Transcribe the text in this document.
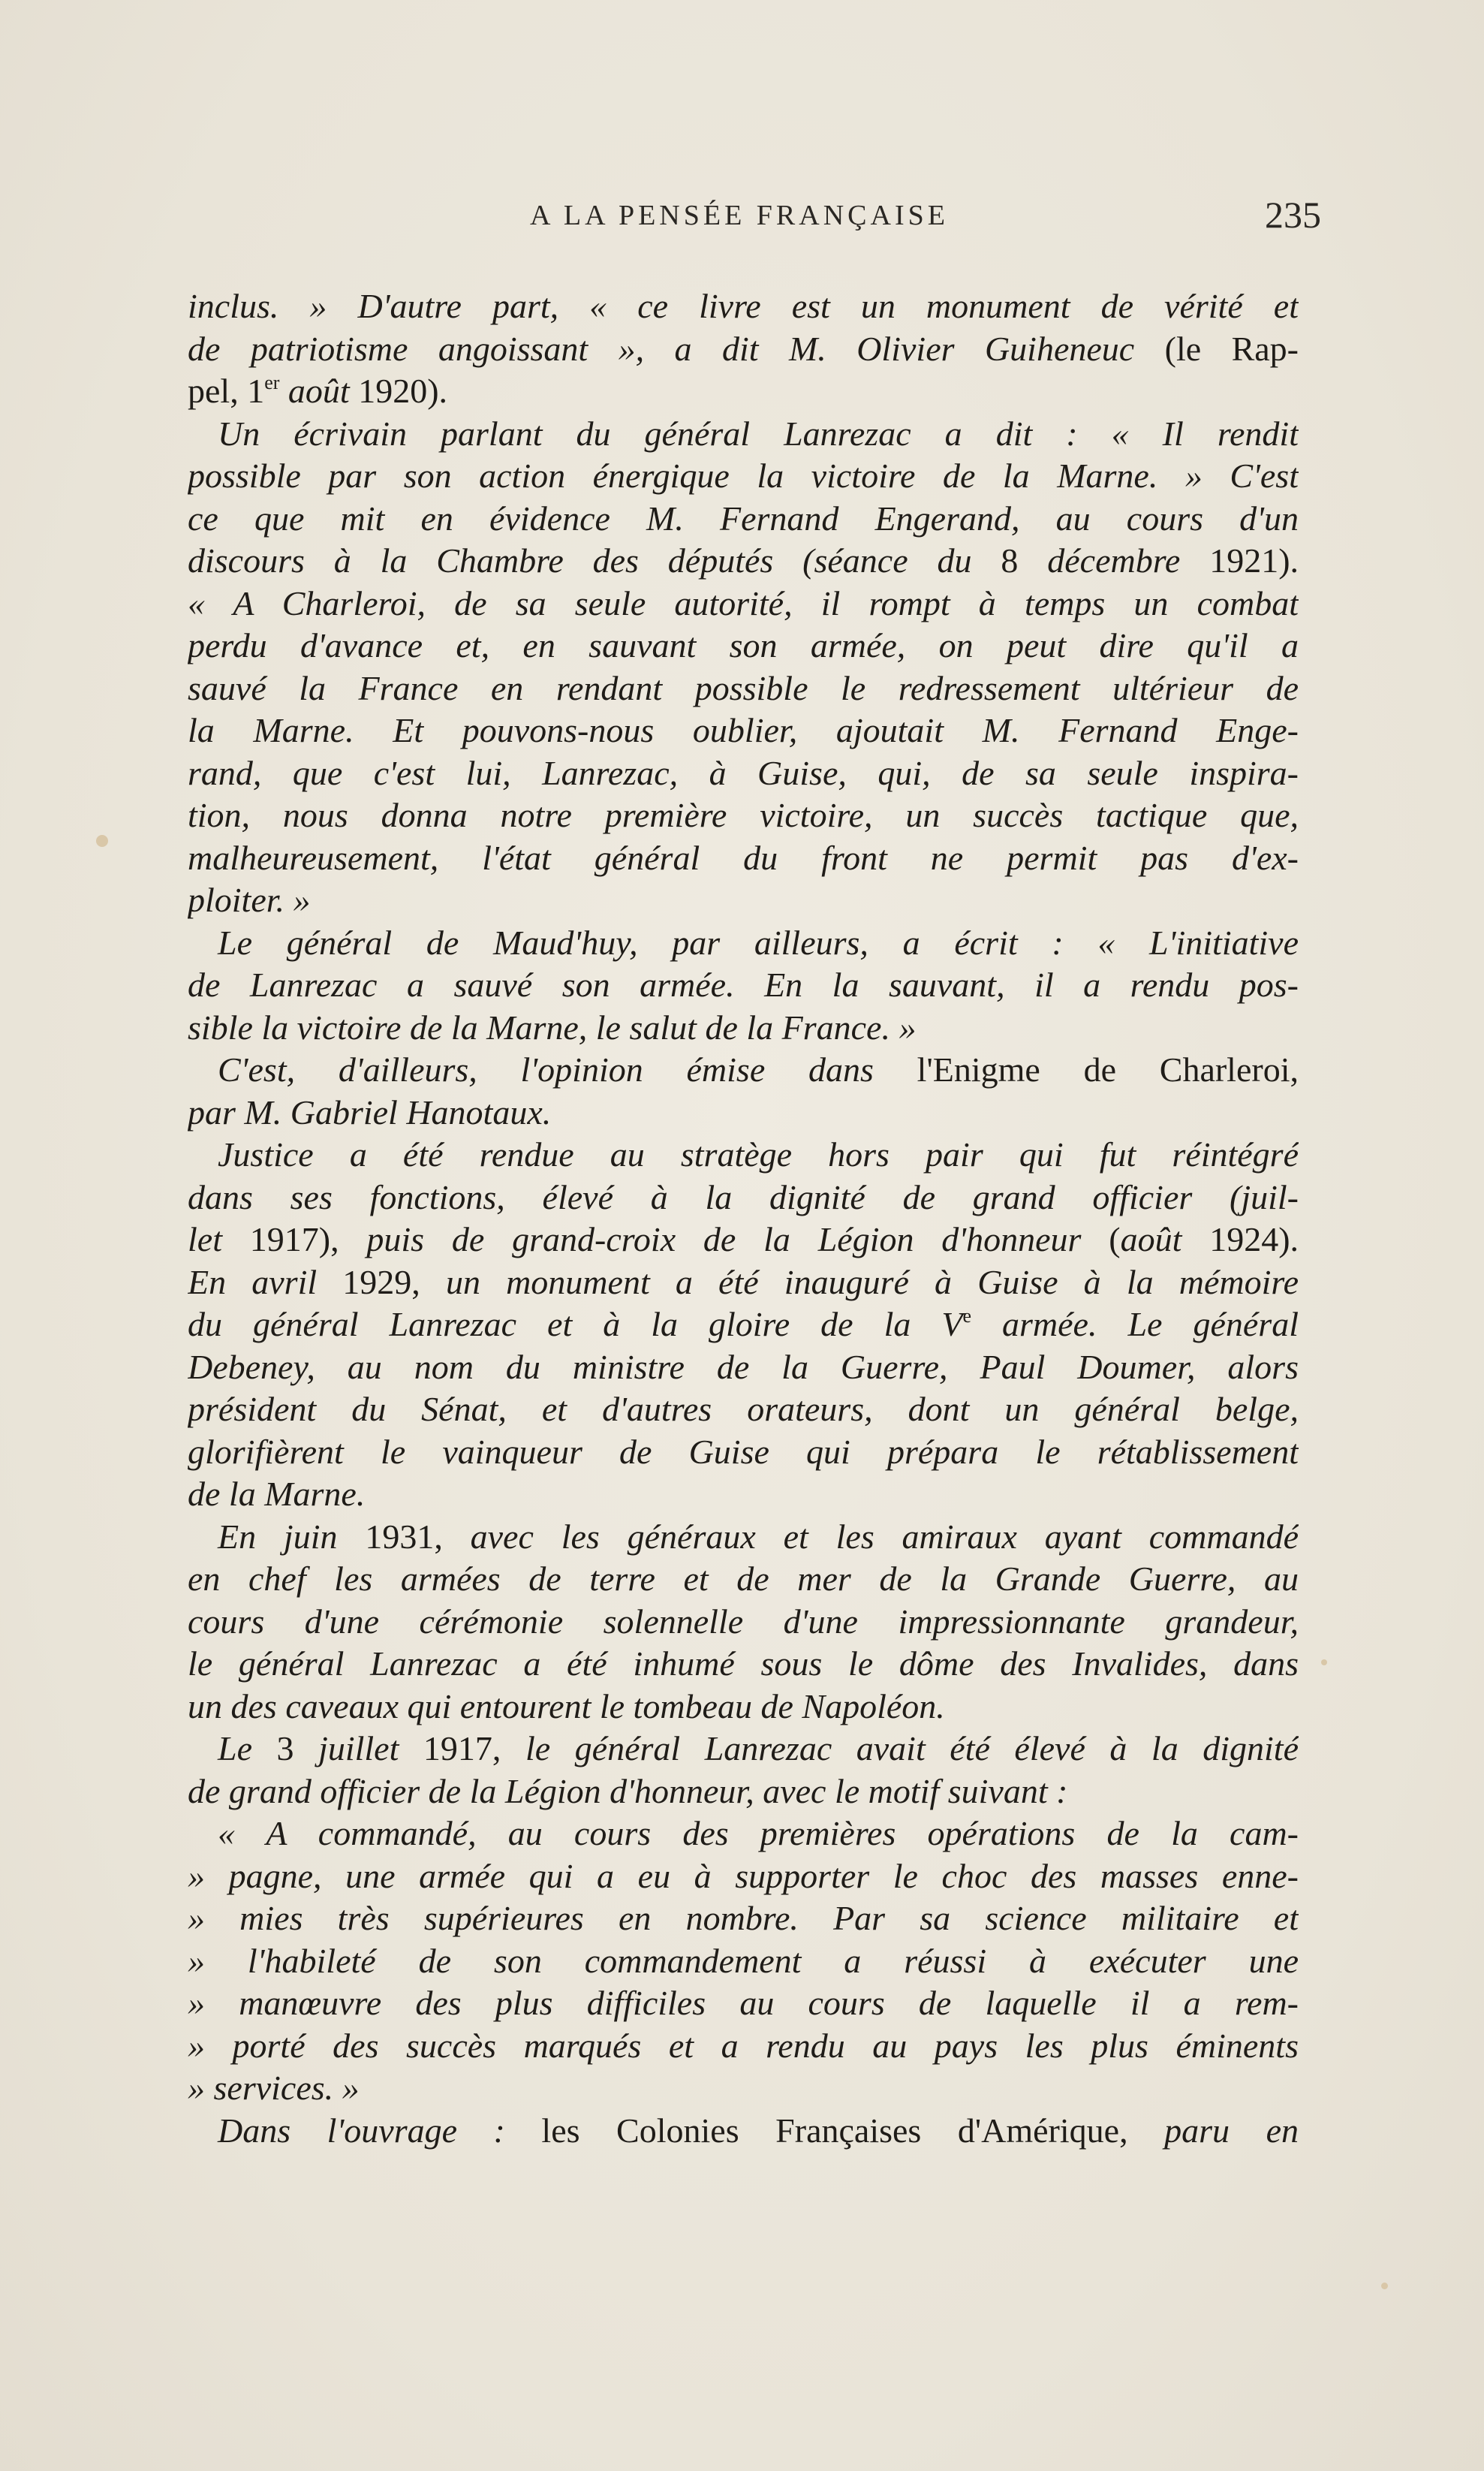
A LA PENSÉE FRANÇAISE	235
inclus. » D'autre part, « ce livre est un monument de vérité et
de patriotisme angoissant », a dit M. Olivier Guiheneuc (le Rap-
pel, 1er août 1920).
Un écrivain parlant du général Lanrezac a dit : « Il rendit
possible par son action énergique la victoire de la Marne. » C'est
ce que mit en évidence M. Fernand Engerand, au cours d'un
discours à la Chambre des députés (séance du 8 décembre 1921).
« A Charleroi, de sa seule autorité, il rompt à temps un combat
perdu d'avance et, en sauvant son armée, on peut dire qu'il a
sauvé la France en rendant possible le redressement ultérieur de
la Marne. Et pouvons-nous oublier, ajoutait M. Fernand Enge-
rand, que c'est lui, Lanrezac, à Guise, qui, de sa seule inspira-
tion, nous donna notre première victoire, un succès tactique que,
malheureusement, l'état général du front ne permit pas d'ex-
ploiter. »
Le général de Maud'huy, par ailleurs, a écrit : « L'initiative
de Lanrezac a sauvé son armée. En la sauvant, il a rendu pos-
sible la victoire de la Marne, le salut de la France. »
C'est, d'ailleurs, l'opinion émise dans l'Enigme de Charleroi,
par M. Gabriel Hanotaux.
Justice a été rendue au stratège hors pair qui fut réintégré
dans ses fonctions, élevé à la dignité de grand officier (juil-
let 1917), puis de grand-croix de la Légion d'honneur (août 1924).
En avril 1929, un monument a été inauguré à Guise à la mémoire
du général Lanrezac et à la gloire de la Ve armée. Le général
Debeney, au nom du ministre de la Guerre, Paul Doumer, alors
président du Sénat, et d'autres orateurs, dont un général belge,
glorifièrent le vainqueur de Guise qui prépara le rétablissement
de la Marne.
En juin 1931, avec les généraux et les amiraux ayant commandé
en chef les armées de terre et de mer de la Grande Guerre, au
cours d'une cérémonie solennelle d'une impressionnante grandeur,
le général Lanrezac a été inhumé sous le dôme des Invalides, dans
un des caveaux qui entourent le tombeau de Napoléon.
Le 3 juillet 1917, le général Lanrezac avait été élevé à la dignité
de grand officier de la Légion d'honneur, avec le motif suivant :
« A commandé, au cours des premières opérations de la cam-
» pagne, une armée qui a eu à supporter le choc des masses enne-
» mies très supérieures en nombre. Par sa science militaire et
» l'habileté de son commandement a réussi à exécuter une
» manœuvre des plus difficiles au cours de laquelle il a rem-
» porté des succès marqués et a rendu au pays les plus éminents
» services. »
Dans l'ouvrage : les Colonies Françaises d'Amérique, paru en
